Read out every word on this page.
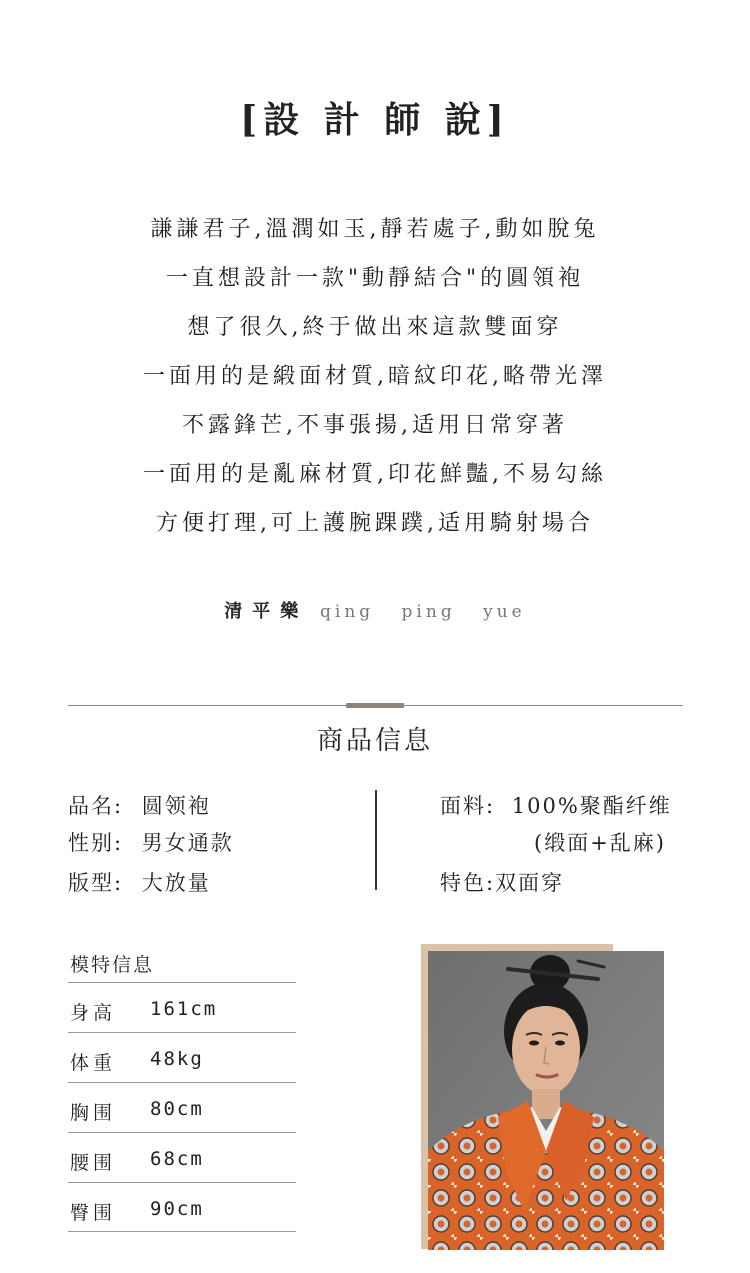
[設 計 師 說]
謙謙君子,溫潤如玉,靜若處子,動如脫兔
一直想設計一款"動靜結合"的圓領袍
想了很久,終于做出來這款雙面穿
一面用的是緞面材質,暗紋印花,略帶光澤
不露鋒芒,不事張揚,适用日常穿著
一面用的是亂麻材質,印花鮮豔,不易勾絲
方便打理,可上護腕踝蹼,适用騎射場合
清平樂 qing ping yue
商品信息
品名: 圆领袍
性别: 男女通款
版型: 大放量
面料: 100%聚酯纤维
(缎面+乱麻)
特色:双面穿
模特信息
身高 161cm
体重 48kg
胸围 80cm
腰围 68cm
臀围 90cm
